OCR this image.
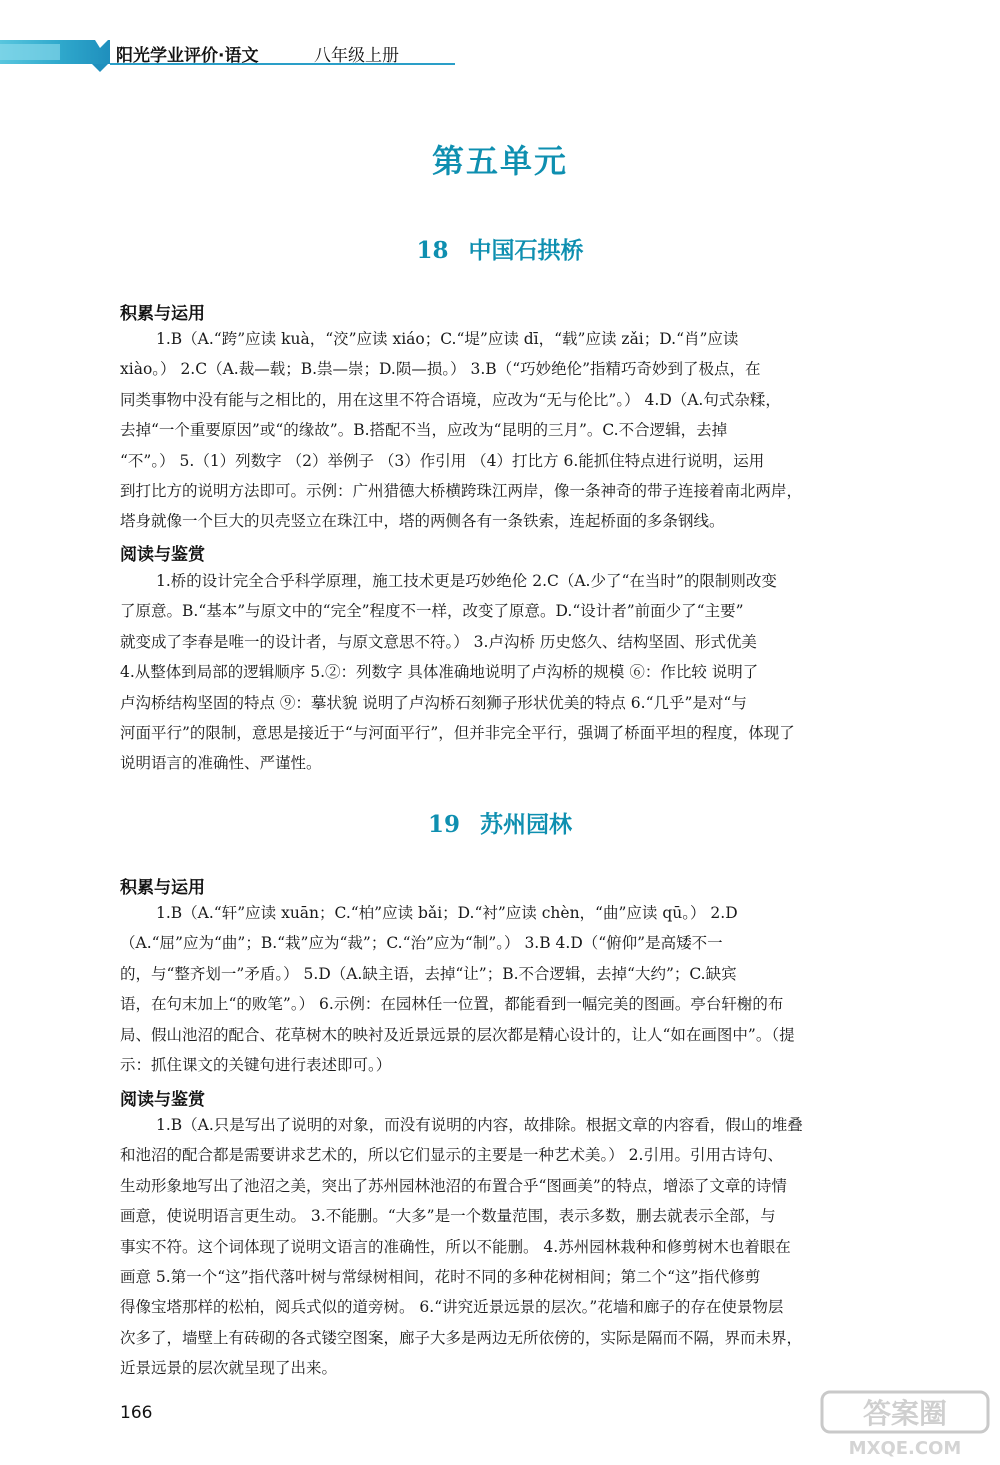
阳光学业评价·语文	八年级上册
第五单元
18 中国石拱桥
积累与运用
1.B（A.“跨”应读 kuà，“洨”应读 xiáo；C.“堤”应读 dī，“载”应读 zǎi；D.“肖”应读
xiào。） 2.C（A.裁—载；B.祟—崇；D.陨—损。） 3.B（“巧妙绝伦”指精巧奇妙到了极点，在
同类事物中没有能与之相比的，用在这里不符合语境，应改为“无与伦比”。） 4.D（A.句式杂糅，
去掉“一个重要原因”或“的缘故”。B.搭配不当，应改为“昆明的三月”。C.不合逻辑，去掉
“不”。） 5.（1）列数字 （2）举例子 （3）作引用 （4）打比方 6.能抓住特点进行说明，运用
到打比方的说明方法即可。示例：广州猎德大桥横跨珠江两岸，像一条神奇的带子连接着南北两岸，
塔身就像一个巨大的贝壳竖立在珠江中，塔的两侧各有一条铁索，连起桥面的多条钢线。
阅读与鉴赏
1.桥的设计完全合乎科学原理，施工技术更是巧妙绝伦 2.C（A.少了“在当时”的限制则改变
了原意。B.“基本”与原文中的“完全”程度不一样，改变了原意。D.“设计者”前面少了“主要”
就变成了李春是唯一的设计者，与原文意思不符。） 3.卢沟桥 历史悠久、结构坚固、形式优美
4.从整体到局部的逻辑顺序 5.②：列数字 具体准确地说明了卢沟桥的规模 ⑥：作比较 说明了
卢沟桥结构坚固的特点 ⑨：摹状貌 说明了卢沟桥石刻狮子形状优美的特点 6.“几乎”是对“与
河面平行”的限制，意思是接近于“与河面平行”，但并非完全平行，强调了桥面平坦的程度，体现了
说明语言的准确性、严谨性。
19 苏州园林
积累与运用
1.B（A.“轩”应读 xuān；C.“柏”应读 bǎi；D.“衬”应读 chèn，“曲”应读 qū。） 2.D
（A.“屈”应为“曲”；B.“栽”应为“裁”；C.“治”应为“制”。） 3.B 4.D（“俯仰”是高矮不一
的，与“整齐划一”矛盾。） 5.D（A.缺主语，去掉“让”；B.不合逻辑，去掉“大约”；C.缺宾
语，在句末加上“的败笔”。） 6.示例：在园林任一位置，都能看到一幅完美的图画。亭台轩榭的布
局、假山池沼的配合、花草树木的映衬及近景远景的层次都是精心设计的，让人“如在画图中”。（提
示：抓住课文的关键句进行表述即可。）
阅读与鉴赏
1.B（A.只是写出了说明的对象，而没有说明的内容，故排除。根据文章的内容看，假山的堆叠
和池沼的配合都是需要讲求艺术的，所以它们显示的主要是一种艺术美。） 2.引用。引用古诗句、
生动形象地写出了池沼之美，突出了苏州园林池沼的布置合乎“图画美”的特点，增添了文章的诗情
画意，使说明语言更生动。 3.不能删。“大多”是一个数量范围，表示多数，删去就表示全部，与
事实不符。这个词体现了说明文语言的准确性，所以不能删。 4.苏州园林栽种和修剪树木也着眼在
画意 5.第一个“这”指代落叶树与常绿树相间，花时不同的多种花树相间；第二个“这”指代修剪
得像宝塔那样的松柏，阅兵式似的道旁树。 6.“讲究近景远景的层次。”花墙和廊子的存在使景物层
次多了，墙壁上有砖砌的各式镂空图案，廊子大多是两边无所依傍的，实际是隔而不隔，界而未界，
近景远景的层次就呈现了出来。
166	答案圈
MXQE.COM
